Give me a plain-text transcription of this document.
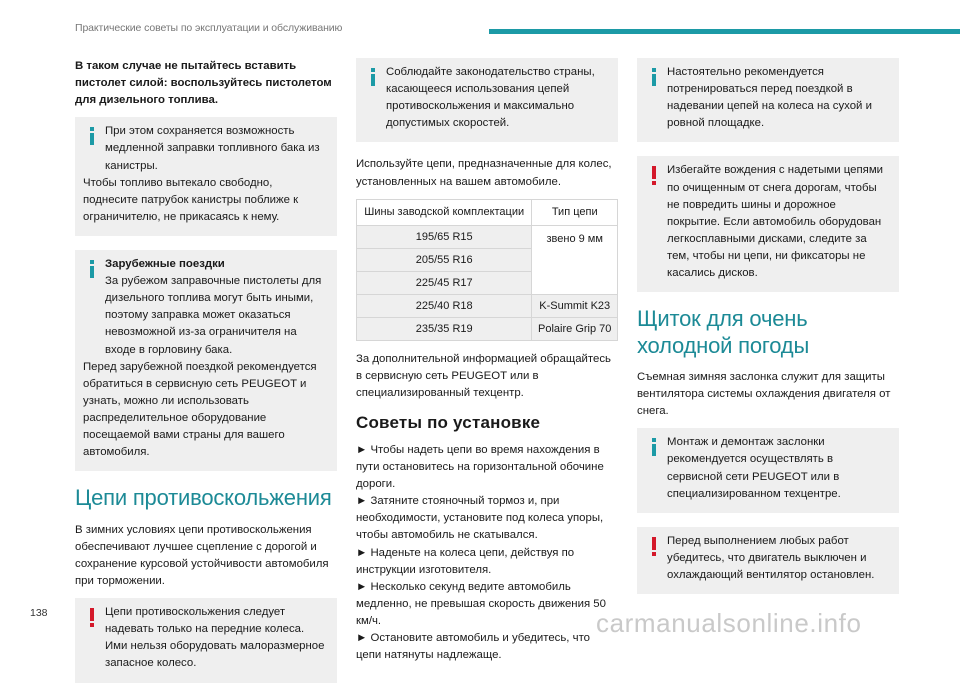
Практические советы по эксплуатации и обслуживанию

В таком случае не пытайтесь вставить пистолет силой: воспользуйтесь пистолетом для дизельного топлива.

При этом сохраняется возможность медленной заправки топливного бака из канистры.
Чтобы топливо вытекало свободно, поднесите патрубок канистры поближе к ограничителю, не прикасаясь к нему.
Зарубежные поездки
За рубежом заправочные пистолеты для дизельного топлива могут быть иными, поэтому заправка может оказаться невозможной из-за ограничителя на входе в горловину бака.
Перед зарубежной поездкой рекомендуется обратиться в сервисную сеть PEUGEOT и узнать, можно ли использовать распределительное оборудование посещаемой вами страны для вашего автомобиля.
Цепи противоскольжения

В зимних условиях цепи противоскольжения обеспечивают лучшее сцепление с дорогой и сохранение курсовой устойчивости автомобиля при торможении.

Цепи противоскольжения следует надевать только на передние колеса. Ими нельзя оборудовать малоразмерное запасное колесо.
Соблюдайте законодательство страны, касающееся использования цепей противоскольжения и максимально допустимых скоростей.

Используйте цепи, предназначенные для колес, установленных на вашем автомобиле.

Шины заводской комплектации	Тип цепи
195/65 R15	звено 9 мм
205/55 R16	
225/45 R17	
225/40 R18	K-Summit K23
235/35 R19	Polaire Grip 70

За дополнительной информацией обращайтесь в сервисную сеть PEUGEOT или в специализированный техцентр.

Советы по установке
► Чтобы надеть цепи во время нахождения в пути остановитесь на горизонтальной обочине дороги.
► Затяните стояночный тормоз и, при необходимости, установите под колеса упоры, чтобы автомобиль не скатывался.
► Наденьте на колеса цепи, действуя по инструкции изготовителя.
► Несколько секунд ведите автомобиль медленно, не превышая скорость движения 50 км/ч.
► Остановите автомобиль и убедитесь, что цепи натянуты надлежаще.
Настоятельно рекомендуется потренироваться перед поездкой в надевании цепей на колеса на сухой и ровной площадке.
Избегайте вождения с надетыми цепями по очищенным от снега дорогам, чтобы не повредить шины и дорожное покрытие. Если автомобиль оборудован легкосплавными дисками, следите за тем, чтобы ни цепи, ни фиксаторы не касались дисков.
Щиток для очень холодной погоды

Съемная зимняя заслонка служит для защиты вентилятора системы охлаждения двигателя от снега.

Монтаж и демонтаж заслонки рекомендуется осуществлять в сервисной сети PEUGEOT или в специализированном техцентре.
Перед выполнением любых работ убедитесь, что двигатель выключен и охлаждающий вентилятор остановлен.
138	carmanualsonline.info
